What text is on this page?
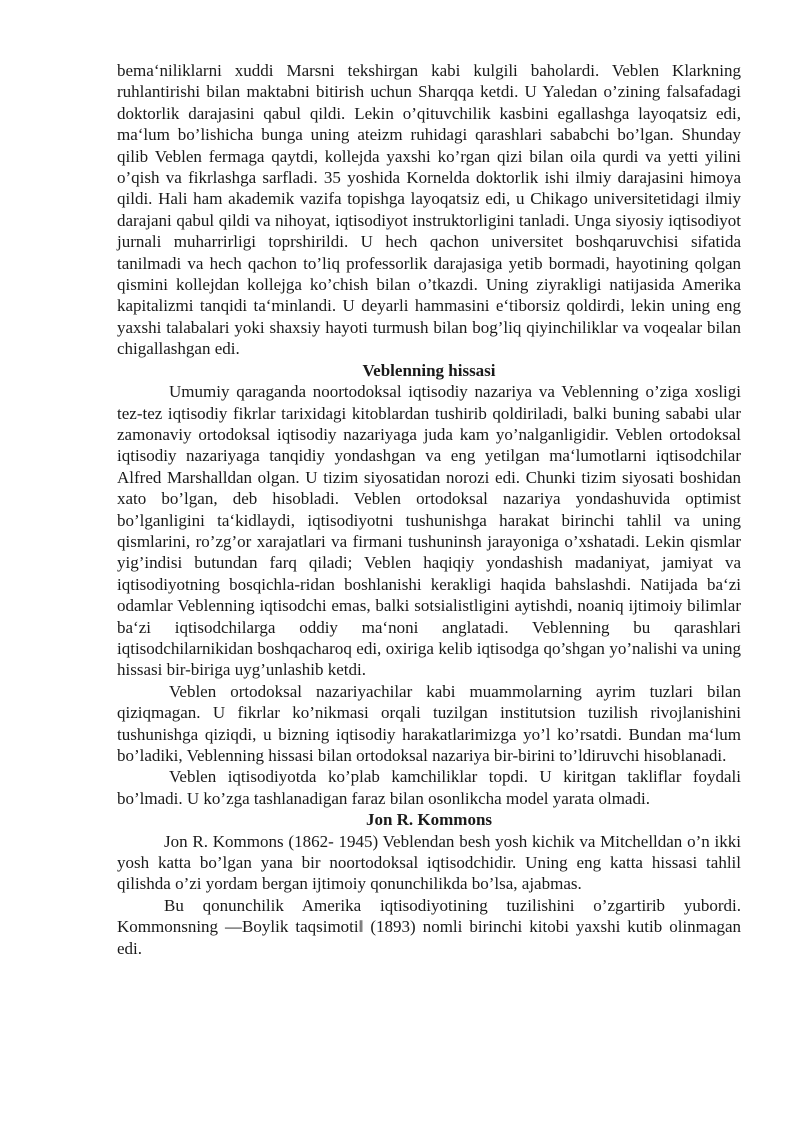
bema‘niliklarni xuddi Marsni tekshirgan kabi kulgili baholardi. Veblen Klarkning ruhlantirishi bilan maktabni bitirish uchun Sharqqa ketdi. U Yaledan o’zining falsafadagi doktorlik darajasini qabul qildi. Lekin o’qituvchilik kasbini egallashga layoqatsiz edi, ma‘lum bo’lishicha bunga uning ateizm ruhidagi qarashlari sababchi bo’lgan. Shunday qilib Veblen fermaga qaytdi, kollejda yaxshi ko’rgan qizi bilan oila qurdi va yetti yilini o’qish va fikrlashga sarfladi. 35 yoshida Kornelda doktorlik ishi ilmiy darajasini himoya qildi. Hali ham akademik vazifa topishga layoqatsiz edi, u Chikago universitetidagi ilmiy darajani qabul qildi va nihoyat, iqtisodiyot instruktorligini tanladi. Unga siyosiy iqtisodiyot jurnali muharrirligi toprshirildi. U hech qachon universitet boshqaruvchisi sifatida tanilmadi va hech qachon to’liq professorlik darajasiga yetib bormadi, hayotining qolgan qismini kollejdan kollejga ko’chish bilan o’tkazdi. Uning ziyrakligi natijasida Amerika kapitalizmi tanqidi ta‘minlandi. U deyarli hammasini e‘tiborsiz qoldirdi, lekin uning eng yaxshi talabalari yoki shaxsiy hayoti turmush bilan bog’liq qiyinchiliklar va voqealar bilan chigallashgan edi.

Veblenning hissasi

Umumiy qaraganda noortodoksal iqtisodiy nazariya va Veblenning o’ziga xosligi tez-tez iqtisodiy fikrlar tarixidagi kitoblardan tushirib qoldiriladi, balki buning sababi ular zamonaviy ortodoksal iqtisodiy nazariyaga juda kam yo’nalganligidir. Veblen ortodoksal iqtisodiy nazariyaga tanqidiy yondashgan va eng yetilgan ma‘lumotlarni iqtisodchilar Alfred Marshalldan olgan. U tizim siyosatidan norozi edi. Chunki tizim siyosati boshidan xato bo’lgan, deb hisobladi. Veblen ortodoksal nazariya yondashuvida optimist bo’lganligini ta‘kidlaydi, iqtisodiyotni tushunishga harakat birinchi tahlil va uning qismlarini, ro’zg’or xarajatlari va firmani tushuninsh jarayoniga o’xshatadi. Lekin qismlar yig’indisi butundan farq qiladi; Veblen haqiqiy yondashish madaniyat, jamiyat va iqtisodiyotning bosqichla-ridan boshlanishi kerakligi haqida bahslashdi. Natijada ba‘zi odamlar Veblenning iqtisodchi emas, balki sotsialistligini aytishdi, noaniq ijtimoiy bilimlar ba‘zi iqtisodchilarga oddiy ma‘noni anglatadi. Veblenning bu qarashlari iqtisodchilarnikidan boshqacharoq edi, oxiriga kelib iqtisodga qo’shgan yo’nalishi va uning hissasi bir-biriga uyg’unlashib ketdi.

Veblen ortodoksal nazariyachilar kabi muammolarning ayrim tuzlari bilan qiziqmagan. U fikrlar ko’nikmasi orqali tuzilgan institutsion tuzilish rivojlanishini tushunishga qiziqdi, u bizning iqtisodiy harakatlarimizga yo’l ko’rsatdi. Bundan ma‘lum bo’ladiki, Veblenning hissasi bilan ortodoksal nazariya bir-birini to’ldiruvchi hisoblanadi.

Veblen iqtisodiyotda ko’plab kamchiliklar topdi. U kiritgan takliflar foydali bo’lmadi. U ko’zga tashlanadigan faraz bilan osonlikcha model yarata olmadi.

Jon R. Kommons

Jon R. Kommons (1862- 1945) Veblendan besh yosh kichik va Mitchelldan o’n ikki yosh katta bo’lgan yana bir noortodoksal iqtisodchidir. Uning eng katta hissasi tahlil qilishda o’zi yordam bergan ijtimoiy qonunchilikda bo’lsa, ajabmas.

Bu qonunchilik Amerika iqtisodiyotining tuzilishini o’zgartirib yubordi. Kommonsning ―Boylik taqsimoti‖ (1893) nomli birinchi kitobi yaxshi kutib olinmagan edi.
